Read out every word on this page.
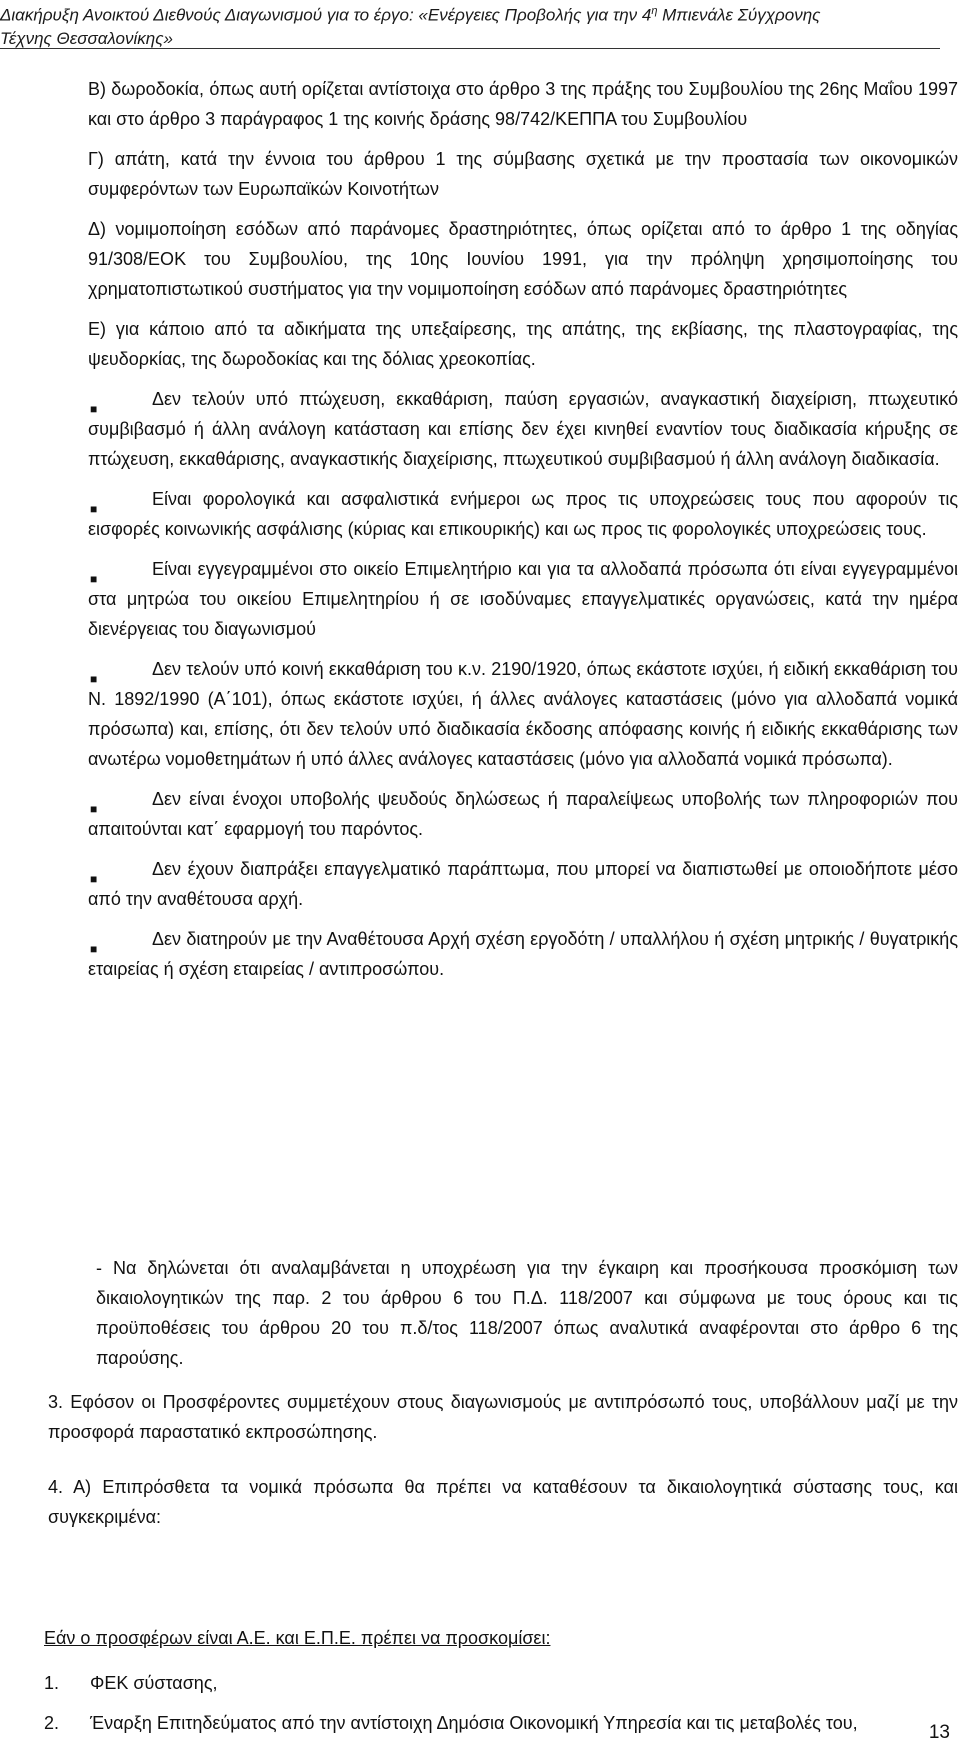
Διακήρυξη Ανοικτού Διεθνούς Διαγωνισμού για το έργο: «Ενέργειες Προβολής για την $4^\eta$ Μπιενάλε Σύγχρονης
Τέχνης Θεσσαλονίκης»

Β) δωροδοκία, όπως αυτή ορίζεται αντίστοιχα στο άρθρο 3 της πράξης του Συμβουλίου της 26ης Μαΐου 1997 και στο άρθρο 3 παράγραφος 1 της κοινής δράσης 98/742/ΚΕΠΠΑ του Συμβουλίου

Γ) απάτη, κατά την έννοια του άρθρου 1 της σύμβασης σχετικά με την προστασία των οικονομικών συμφερόντων των Ευρωπαϊκών Κοινοτήτων

Δ) νομιμοποίηση εσόδων από παράνομες δραστηριότητες, όπως ορίζεται από το άρθρο 1 της οδηγίας 91/308/ΕΟΚ του Συμβουλίου, της 10ης Ιουνίου 1991, για την πρόληψη χρησιμοποίησης του χρηματοπιστωτικού συστήματος για την νομιμοποίηση εσόδων από παράνομες δραστηριότητες

Ε) για κάποιο από τα αδικήματα της υπεξαίρεσης, της απάτης, της εκβίασης, της πλαστογραφίας, της ψευδορκίας, της δωροδοκίας και της δόλιας χρεοκοπίας.

■	Δεν τελούν υπό πτώχευση, εκκαθάριση, παύση εργασιών, αναγκαστική διαχείριση, πτωχευτικό συμβιβασμό ή άλλη ανάλογη κατάσταση και επίσης δεν έχει κινηθεί εναντίον τους διαδικασία κήρυξης σε πτώχευση, εκκαθάρισης, αναγκαστικής διαχείρισης, πτωχευτικού συμβιβασμού ή άλλη ανάλογη διαδικασία.

■	Είναι φορολογικά και ασφαλιστικά ενήμεροι ως προς τις υποχρεώσεις τους που αφορούν τις εισφορές κοινωνικής ασφάλισης (κύριας και επικουρικής) και ως προς τις φορολογικές υποχρεώσεις τους.

■	Είναι εγγεγραμμένοι στο οικείο Επιμελητήριο και για τα αλλοδαπά πρόσωπα ότι είναι εγγεγραμμένοι στα μητρώα του οικείου Επιμελητηρίου ή σε ισοδύναμες επαγγελματικές οργανώσεις, κατά την ημέρα διενέργειας του διαγωνισμού

■	Δεν τελούν υπό κοινή εκκαθάριση του κ.ν. 2190/1920, όπως εκάστοτε ισχύει, ή ειδική εκκαθάριση του Ν. 1892/1990 (Α΄101), όπως εκάστοτε ισχύει, ή άλλες ανάλογες καταστάσεις (μόνο για αλλοδαπά νομικά πρόσωπα) και, επίσης, ότι δεν τελούν υπό διαδικασία έκδοσης απόφασης κοινής ή ειδικής εκκαθάρισης των ανωτέρω νομοθετημάτων ή υπό άλλες ανάλογες καταστάσεις (μόνο για αλλοδαπά νομικά πρόσωπα).

■	Δεν είναι ένοχοι υποβολής ψευδούς δηλώσεως ή παραλείψεως υποβολής των πληροφοριών που απαιτούνται κατ΄ εφαρμογή του παρόντος.

■	Δεν έχουν διαπράξει επαγγελματικό παράπτωμα, που μπορεί να διαπιστωθεί με οποιοδήποτε μέσο από την αναθέτουσα αρχή.

■	Δεν διατηρούν με την Αναθέτουσα Αρχή σχέση εργοδότη / υπαλλήλου ή σχέση μητρικής / θυγατρικής εταιρείας ή σχέση εταιρείας / αντιπροσώπου.

- Να δηλώνεται ότι αναλαμβάνεται η υποχρέωση για την έγκαιρη και προσήκουσα προσκόμιση των δικαιολογητικών της παρ. 2 του άρθρου 6 του Π.Δ. 118/2007 και σύμφωνα με τους όρους και τις προϋποθέσεις του άρθρου 20 του π.δ/τος 118/2007 όπως αναλυτικά αναφέρονται στο άρθρο 6 της παρούσης.

3. Εφόσον οι Προσφέροντες συμμετέχουν στους διαγωνισμούς με αντιπρόσωπό τους, υποβάλλουν μαζί με την προσφορά παραστατικό εκπροσώπησης.

4. Α) Επιπρόσθετα τα νομικά πρόσωπα θα πρέπει να καταθέσουν τα δικαιολογητικά σύστασης τους, και συγκεκριμένα:

Εάν ο προσφέρων είναι Α.Ε. και Ε.Π.Ε. πρέπει να προσκομίσει:
1.	ΦΕΚ σύστασης,
2.	Έναρξη Επιτηδεύματος από την αντίστοιχη Δημόσια Οικονομική Υπηρεσία και τις μεταβολές του,	13
